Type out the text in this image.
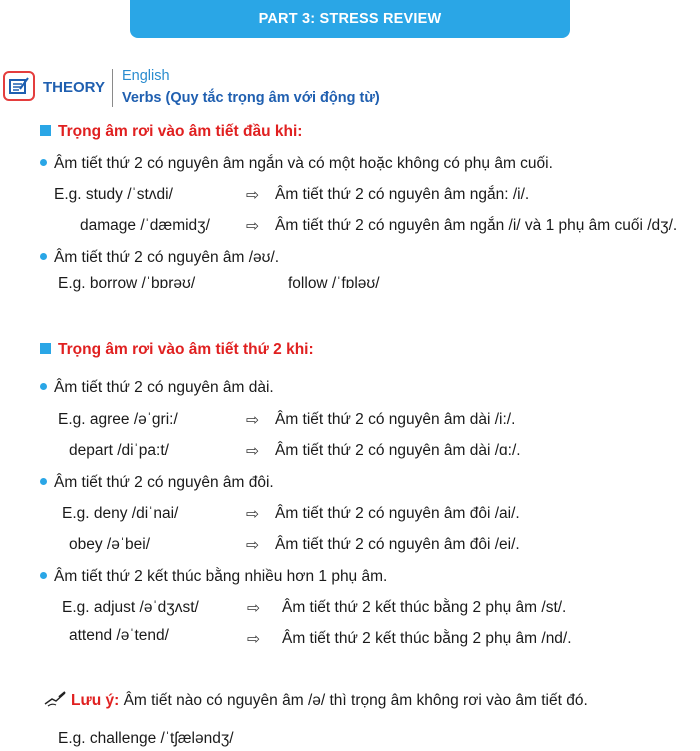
PART 3: STRESS REVIEW
THEORY
English
Verbs (Quy tắc trọng âm với động từ)
Trọng âm rơi vào âm tiết đầu khi:
Âm tiết thứ 2 có nguyên âm ngắn và có một hoặc không có phụ âm cuối.
E.g. study /ˈstʌdi/	⇨ Âm tiết thứ 2 có nguyên âm ngắn: /i/.
damage /ˈdæmidʒ/ ⇨ Âm tiết thứ 2 có nguyên âm ngắn /i/ và 1 phụ âm cuối /dʒ/.
Âm tiết thứ 2 có nguyên âm /əʊ/.
E.g. borrow /ˈbɒrəʊ/	follow /ˈfɒləʊ/
Trọng âm rơi vào âm tiết thứ 2 khi:
Âm tiết thứ 2 có nguyên âm dài.
E.g. agree /əˈgri:/	⇨ Âm tiết thứ 2 có nguyên âm dài /i:/.
depart /diˈpa:t/	⇨ Âm tiết thứ 2 có nguyên âm dài /ɑ:/.
Âm tiết thứ 2 có nguyên âm đôi.
E.g. deny /diˈnai/	⇨ Âm tiết thứ 2 có nguyên âm đôi /ai/.
obey /əˈbei/	⇨ Âm tiết thứ 2 có nguyên âm đôi /ei/.
Âm tiết thứ 2 kết thúc bằng nhiều hơn 1 phụ âm.
E.g. adjust /əˈdʒʌst/	⇨ Âm tiết thứ 2 kết thúc bằng 2 phụ âm /st/.
attend /əˈtend/	⇨ Âm tiết thứ 2 kết thúc bằng 2 phụ âm /nd/.
Lưu ý: Âm tiết nào có nguyên âm /ə/ thì trọng âm không rơi vào âm tiết đó.
E.g. challenge /ˈtʃæləndʒ/
